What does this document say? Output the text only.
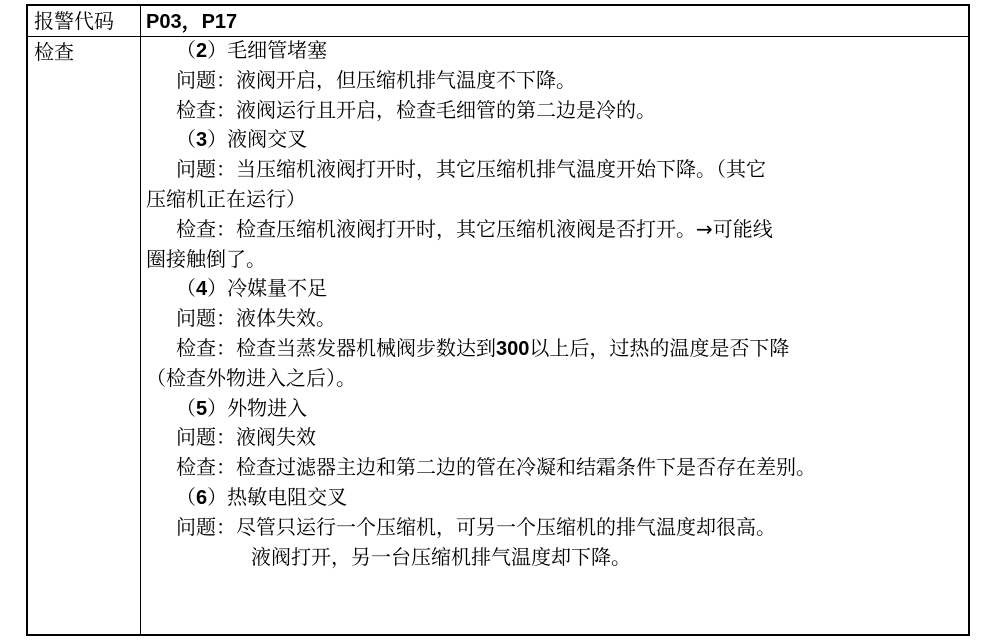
报警代码 P03，P17
检查	（2）毛细管堵塞
问题：液阀开启，但压缩机排气温度不下降。
检查：液阀运行且开启，检查毛细管的第二边是冷的。
（3）液阀交叉
问题：当压缩机液阀打开时，其它压缩机排气温度开始下降。（其它
压缩机正在运行）
检查：检查压缩机液阀打开时，其它压缩机液阀是否打开。→可能线
圈接触倒了。
（4）冷媒量不足
问题：液体失效。
检查：检查当蒸发器机械阀步数达到300以上后，过热的温度是否下降
（检查外物进入之后）。
（5）外物进入
问题：液阀失效
检查：检查过滤器主边和第二边的管在冷凝和结霜条件下是否存在差别。
（6）热敏电阻交叉
问题：尽管只运行一个压缩机，可另一个压缩机的排气温度却很高。
液阀打开，另一台压缩机排气温度却下降。
